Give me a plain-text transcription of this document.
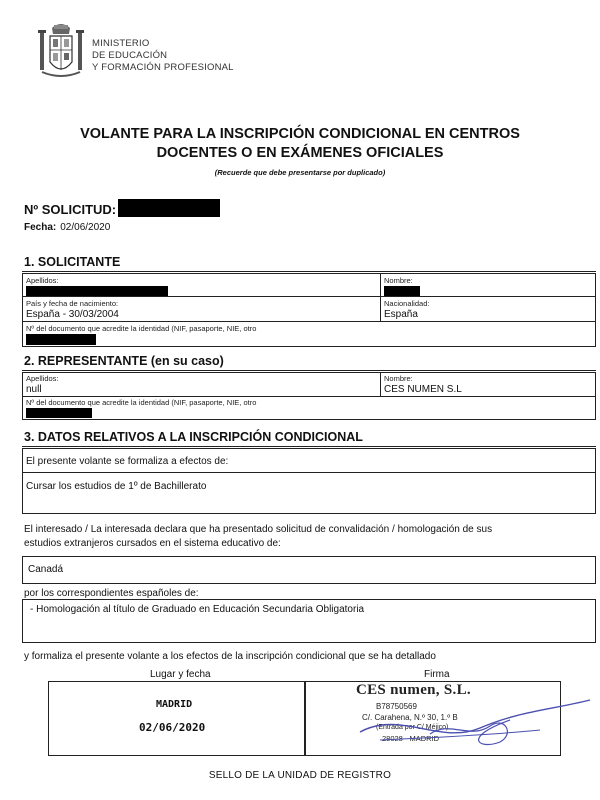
MINISTERIO
DE EDUCACIÓN
Y FORMACIÓN PROFESIONAL
VOLANTE PARA LA INSCRIPCIÓN CONDICIONAL EN CENTROS
DOCENTES O EN EXÁMENES OFICIALES
(Recuerde que debe presentarse por duplicado)
Nº SOLICITUD:
Fecha: 02/06/2020
1. SOLICITANTE
Apellidos:	Nombre:
País y fecha de nacimiento:
España - 30/03/2004
Nacionalidad:
España
Nº del documento que acredite la identidad (NIF, pasaporte, NIE, otro
2. REPRESENTANTE (en su caso)
Apellidos:
null
Nombre:
CES NUMEN S.L
Nº del documento que acredite la identidad (NIF, pasaporte, NIE, otro
3. DATOS RELATIVOS A LA INSCRIPCIÓN CONDICIONAL
El presente volante se formaliza a efectos de:
Cursar los estudios de 1º de Bachillerato
El interesado / La interesada declara que ha presentado solicitud de convalidación / homologación de sus
estudios extranjeros cursados en el sistema educativo de:
Canadá
por los correspondientes españoles de:
- Homologación al título de Graduado en Educación Secundaria Obligatoria
y formaliza el presente volante a los efectos de la inscripción condicional que se ha detallado
Lugar y fecha	Firma
MADRID
02/06/2020
CES numen, S.L.
B78750569
C/. Carahena, N.º 30, 1.º B
(Entrada por C/ Méjico)
28028 - MADRID
SELLO DE LA UNIDAD DE REGISTRO
